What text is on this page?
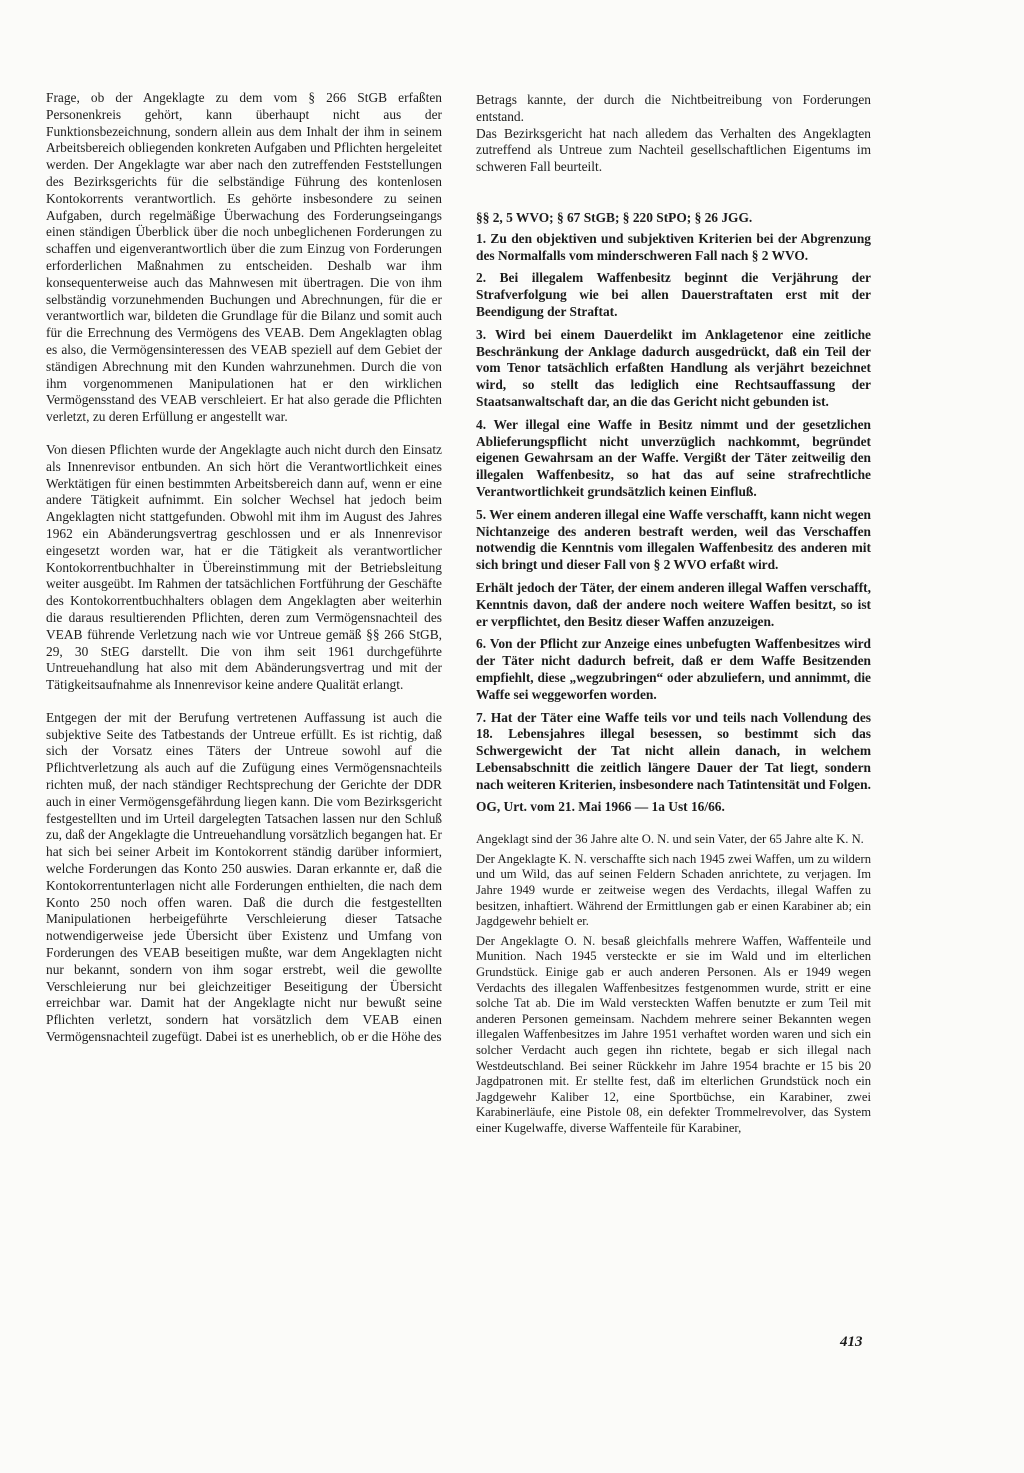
Frage, ob der Angeklagte zu dem vom § 266 StGB erfaßten Personenkreis gehört, kann überhaupt nicht aus der Funktionsbezeichnung, sondern allein aus dem Inhalt der ihm in seinem Arbeitsbereich obliegenden konkreten Aufgaben und Pflichten hergeleitet werden. Der Angeklagte war aber nach den zutreffenden Feststellungen des Bezirksgerichts für die selbständige Führung des kontenlosen Kontokorrents verantwortlich. Es gehörte insbesondere zu seinen Aufgaben, durch regelmäßige Überwachung des Forderungseingangs einen ständigen Überblick über die noch unbeglichenen Forderungen zu schaffen und eigenverantwortlich über die zum Einzug von Forderungen erforderlichen Maßnahmen zu entscheiden. Deshalb war ihm konsequenterweise auch das Mahnwesen mit übertragen. Die von ihm selbständig vorzunehmenden Buchungen und Abrechnungen, für die er verantwortlich war, bildeten die Grundlage für die Bilanz und somit auch für die Errechnung des Vermögens des VEAB. Dem Angeklagten oblag es also, die Vermögensinteressen des VEAB speziell auf dem Gebiet der ständigen Abrechnung mit den Kunden wahrzunehmen. Durch die von ihm vorgenommenen Manipulationen hat er den wirklichen Vermögensstand des VEAB verschleiert. Er hat also gerade die Pflichten verletzt, zu deren Erfüllung er angestellt war.

Von diesen Pflichten wurde der Angeklagte auch nicht durch den Einsatz als Innenrevisor entbunden. An sich hört die Verantwortlichkeit eines Werktätigen für einen bestimmten Arbeitsbereich dann auf, wenn er eine andere Tätigkeit aufnimmt. Ein solcher Wechsel hat jedoch beim Angeklagten nicht stattgefunden. Obwohl mit ihm im August des Jahres 1962 ein Abänderungsvertrag geschlossen und er als Innenrevisor eingesetzt worden war, hat er die Tätigkeit als verantwortlicher Kontokorrentbuchhalter in Übereinstimmung mit der Betriebsleitung weiter ausgeübt. Im Rahmen der tatsächlichen Fortführung der Geschäfte des Kontokorrentbuchhalters oblagen dem Angeklagten aber weiterhin die daraus resultierenden Pflichten, deren zum Vermögensnachteil des VEAB führende Verletzung nach wie vor Untreue gemäß §§ 266 StGB, 29, 30 StEG darstellt. Die von ihm seit 1961 durchgeführte Untreuehandlung hat also mit dem Abänderungsvertrag und mit der Tätigkeitsaufnahme als Innenrevisor keine andere Qualität erlangt.

Entgegen der mit der Berufung vertretenen Auffassung ist auch die subjektive Seite des Tatbestands der Untreue erfüllt. Es ist richtig, daß sich der Vorsatz eines Täters der Untreue sowohl auf die Pflichtverletzung als auch auf die Zufügung eines Vermögensnachteils richten muß, der nach ständiger Rechtsprechung der Gerichte der DDR auch in einer Vermögensgefährdung liegen kann. Die vom Bezirksgericht festgestellten und im Urteil dargelegten Tatsachen lassen nur den Schluß zu, daß der Angeklagte die Untreuehandlung vorsätzlich begangen hat. Er hat sich bei seiner Arbeit im Kontokorrent ständig darüber informiert, welche Forderungen das Konto 250 auswies. Daran erkannte er, daß die Kontokorrentunterlagen nicht alle Forderungen enthielten, die nach dem Konto 250 noch offen waren. Daß die durch die festgestellten Manipulationen herbeigeführte Verschleierung dieser Tatsache notwendigerweise jede Übersicht über Existenz und Umfang von Forderungen des VEAB beseitigen mußte, war dem Angeklagten nicht nur bekannt, sondern von ihm sogar erstrebt, weil die gewollte Verschleierung nur bei gleichzeitiger Beseitigung der Übersicht erreichbar war. Damit hat der Angeklagte nicht nur bewußt seine Pflichten verletzt, sondern hat vorsätzlich dem VEAB einen Vermögensnachteil zugefügt. Dabei ist es unerheblich, ob er die Höhe des

Betrags kannte, der durch die Nichtbeitreibung von Forderungen entstand.

Das Bezirksgericht hat nach alledem das Verhalten des Angeklagten zutreffend als Untreue zum Nachteil gesellschaftlichen Eigentums im schweren Fall beurteilt.

§§ 2, 5 WVO; § 67 StGB; § 220 StPO; § 26 JGG.

1. Zu den objektiven und subjektiven Kriterien bei der Abgrenzung des Normalfalls vom minderschweren Fall nach § 2 WVO.

2. Bei illegalem Waffenbesitz beginnt die Verjährung der Strafverfolgung wie bei allen Dauerstraftaten erst mit der Beendigung der Straftat.

3. Wird bei einem Dauerdelikt im Anklagetenor eine zeitliche Beschränkung der Anklage dadurch ausgedrückt, daß ein Teil der vom Tenor tatsächlich erfaßten Handlung als verjährt bezeichnet wird, so stellt das lediglich eine Rechtsauffassung der Staatsanwaltschaft dar, an die das Gericht nicht gebunden ist.

4. Wer illegal eine Waffe in Besitz nimmt und der gesetzlichen Ablieferungspflicht nicht unverzüglich nachkommt, begründet eigenen Gewahrsam an der Waffe. Vergißt der Täter zeitweilig den illegalen Waffenbesitz, so hat das auf seine strafrechtliche Verantwortlichkeit grundsätzlich keinen Einfluß.

5. Wer einem anderen illegal eine Waffe verschafft, kann nicht wegen Nichtanzeige des anderen bestraft werden, weil das Verschaffen notwendig die Kenntnis vom illegalen Waffenbesitz des anderen mit sich bringt und dieser Fall von § 2 WVO erfaßt wird.

Erhält jedoch der Täter, der einem anderen illegal Waffen verschafft, Kenntnis davon, daß der andere noch weitere Waffen besitzt, so ist er verpflichtet, den Besitz dieser Waffen anzuzeigen.

6. Von der Pflicht zur Anzeige eines unbefugten Waffenbesitzes wird der Täter nicht dadurch befreit, daß er dem Waffe Besitzenden empfiehlt, diese „wegzubringen“ oder abzuliefern, und annimmt, die Waffe sei weggeworfen worden.

7. Hat der Täter eine Waffe teils vor und teils nach Vollendung des 18. Lebensjahres illegal besessen, so bestimmt sich das Schwergewicht der Tat nicht allein danach, in welchem Lebensabschnitt die zeitlich längere Dauer der Tat liegt, sondern nach weiteren Kriterien, insbesondere nach Tatintensität und Folgen.

OG, Urt. vom 21. Mai 1966 — 1a Ust 16/66.

Angeklagt sind der 36 Jahre alte O. N. und sein Vater, der 65 Jahre alte K. N.

Der Angeklagte K. N. verschaffte sich nach 1945 zwei Waffen, um zu wildern und um Wild, das auf seinen Feldern Schaden anrichtete, zu verjagen. Im Jahre 1949 wurde er zeitweise wegen des Verdachts, illegal Waffen zu besitzen, inhaftiert. Während der Ermittlungen gab er einen Karabiner ab; ein Jagdgewehr behielt er.

Der Angeklagte O. N. besaß gleichfalls mehrere Waffen, Waffenteile und Munition. Nach 1945 versteckte er sie im Wald und im elterlichen Grundstück. Einige gab er auch anderen Personen. Als er 1949 wegen Verdachts des illegalen Waffenbesitzes festgenommen wurde, stritt er eine solche Tat ab. Die im Wald versteckten Waffen benutzte er zum Teil mit anderen Personen gemeinsam. Nachdem mehrere seiner Bekannten wegen illegalen Waffenbesitzes im Jahre 1951 verhaftet worden waren und sich ein solcher Verdacht auch gegen ihn richtete, begab er sich illegal nach Westdeutschland. Bei seiner Rückkehr im Jahre 1954 brachte er 15 bis 20 Jagdpatronen mit. Er stellte fest, daß im elterlichen Grundstück noch ein Jagdgewehr Kaliber 12, eine Sportbüchse, ein Karabiner, zwei Karabinerläufe, eine Pistole 08, ein defekter Trommelrevolver, das System einer Kugelwaffe, diverse Waffenteile für Karabiner,

413
